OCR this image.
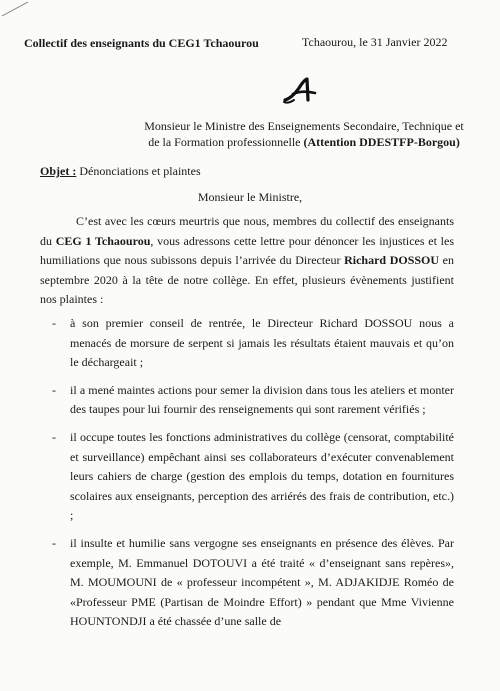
Collectif des enseignants du CEG1 Tchaourou	Tchaourou, le 31 Janvier 2022
Monsieur le Ministre des Enseignements Secondaire, Technique et
de la Formation professionnelle (Attention DDESTFP-Borgou)
Objet : Dénonciations et plaintes
Monsieur le Ministre,

C’est avec les cœurs meurtris que nous, membres du collectif des enseignants du CEG 1 Tchaourou, vous adressons cette lettre pour dénoncer les injustices et les humiliations que nous subissons depuis l’arrivée du Directeur Richard DOSSOU en septembre 2020 à la tête de notre collège. En effet, plusieurs évènements justifient nos plaintes :

- à son premier conseil de rentrée, le Directeur Richard DOSSOU nous a menacés de morsure de serpent si jamais les résultats étaient mauvais et qu’on le déchargeait ;
- il a mené maintes actions pour semer la division dans tous les ateliers et monter des taupes pour lui fournir des renseignements qui sont rarement vérifiés ;
- il occupe toutes les fonctions administratives du collège (censorat, comptabilité et surveillance) empêchant ainsi ses collaborateurs d’exécuter convenablement leurs cahiers de charge (gestion des emplois du temps, dotation en fournitures scolaires aux enseignants, perception des arriérés des frais de contribution, etc.) ;
- il insulte et humilie sans vergogne ses enseignants en présence des élèves. Par exemple, M. Emmanuel DOTOUVI a été traité « d’enseignant sans repères», M. MOUMOUNI de « professeur incompétent », M. ADJAKIDJE Roméo de «Professeur PME (Partisan de Moindre Effort) » pendant que Mme Vivienne HOUNTONDJI a été chassée d’une salle de
